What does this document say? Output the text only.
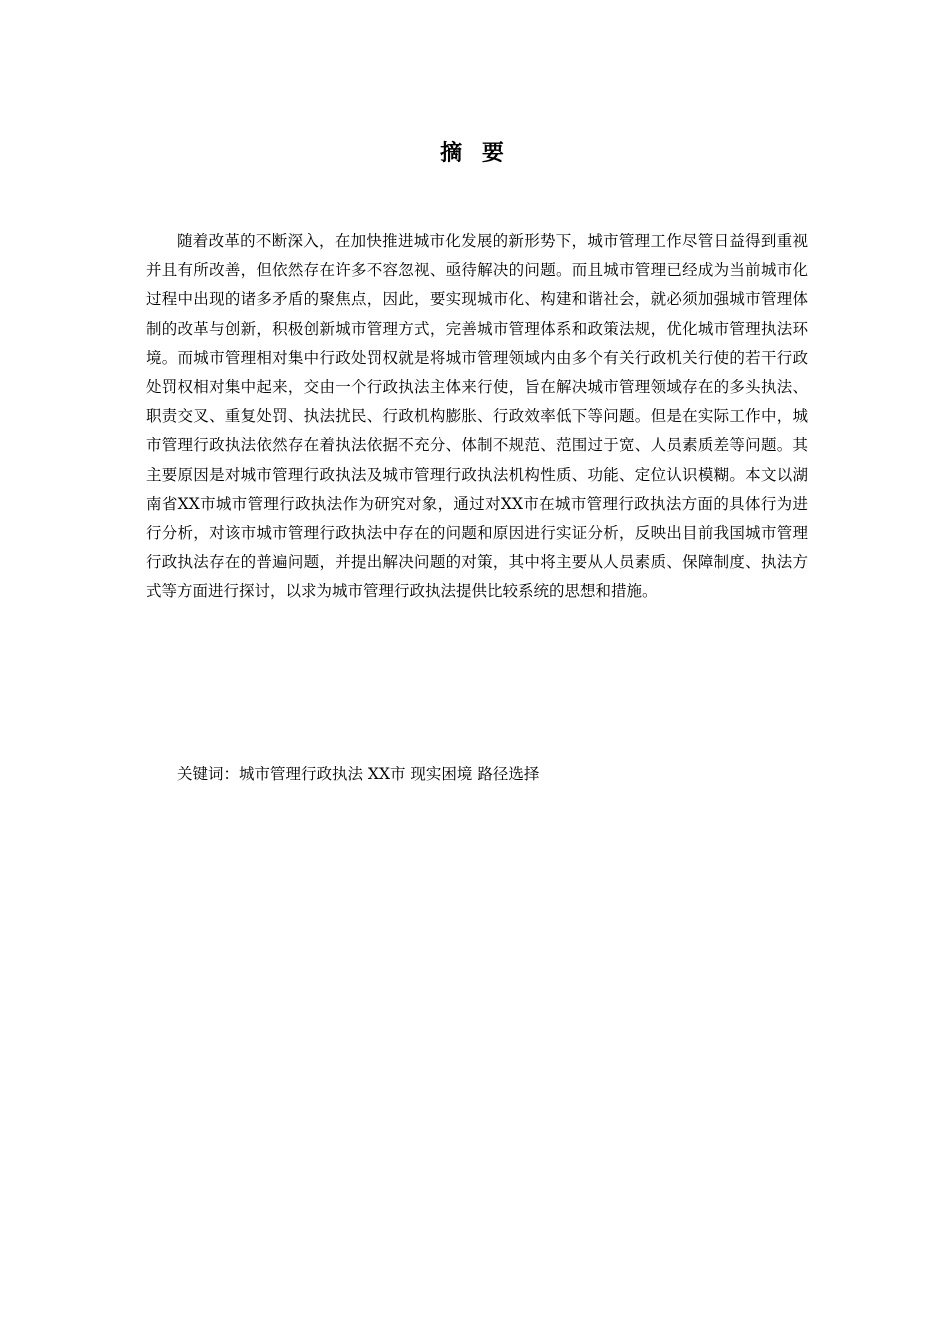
摘 要

随着改革的不断深入，在加快推进城市化发展的新形势下，城市管理工作尽管日益得到重视并且有所改善，但依然存在许多不容忽视、亟待解决的问题。而且城市管理已经成为当前城市化过程中出现的诸多矛盾的聚焦点，因此，要实现城市化、构建和谐社会，就必须加强城市管理体制的改革与创新，积极创新城市管理方式，完善城市管理体系和政策法规，优化城市管理执法环境。而城市管理相对集中行政处罚权就是将城市管理领域内由多个有关行政机关行使的若干行政处罚权相对集中起来，交由一个行政执法主体来行使，旨在解决城市管理领域存在的多头执法、职责交叉、重复处罚、执法扰民、行政机构膨胀、行政效率低下等问题。但是在实际工作中，城市管理行政执法依然存在着执法依据不充分、体制不规范、范围过于宽、人员素质差等问题。其主要原因是对城市管理行政执法及城市管理行政执法机构性质、功能、定位认识模糊。本文以湖南省XX市城市管理行政执法作为研究对象，通过对XX市在城市管理行政执法方面的具体行为进行分析，对该市城市管理行政执法中存在的问题和原因进行实证分析，反映出目前我国城市管理行政执法存在的普遍问题，并提出解决问题的对策，其中将主要从人员素质、保障制度、执法方式等方面进行探讨，以求为城市管理行政执法提供比较系统的思想和措施。

关键词：城市管理行政执法 XX市 现实困境 路径选择
